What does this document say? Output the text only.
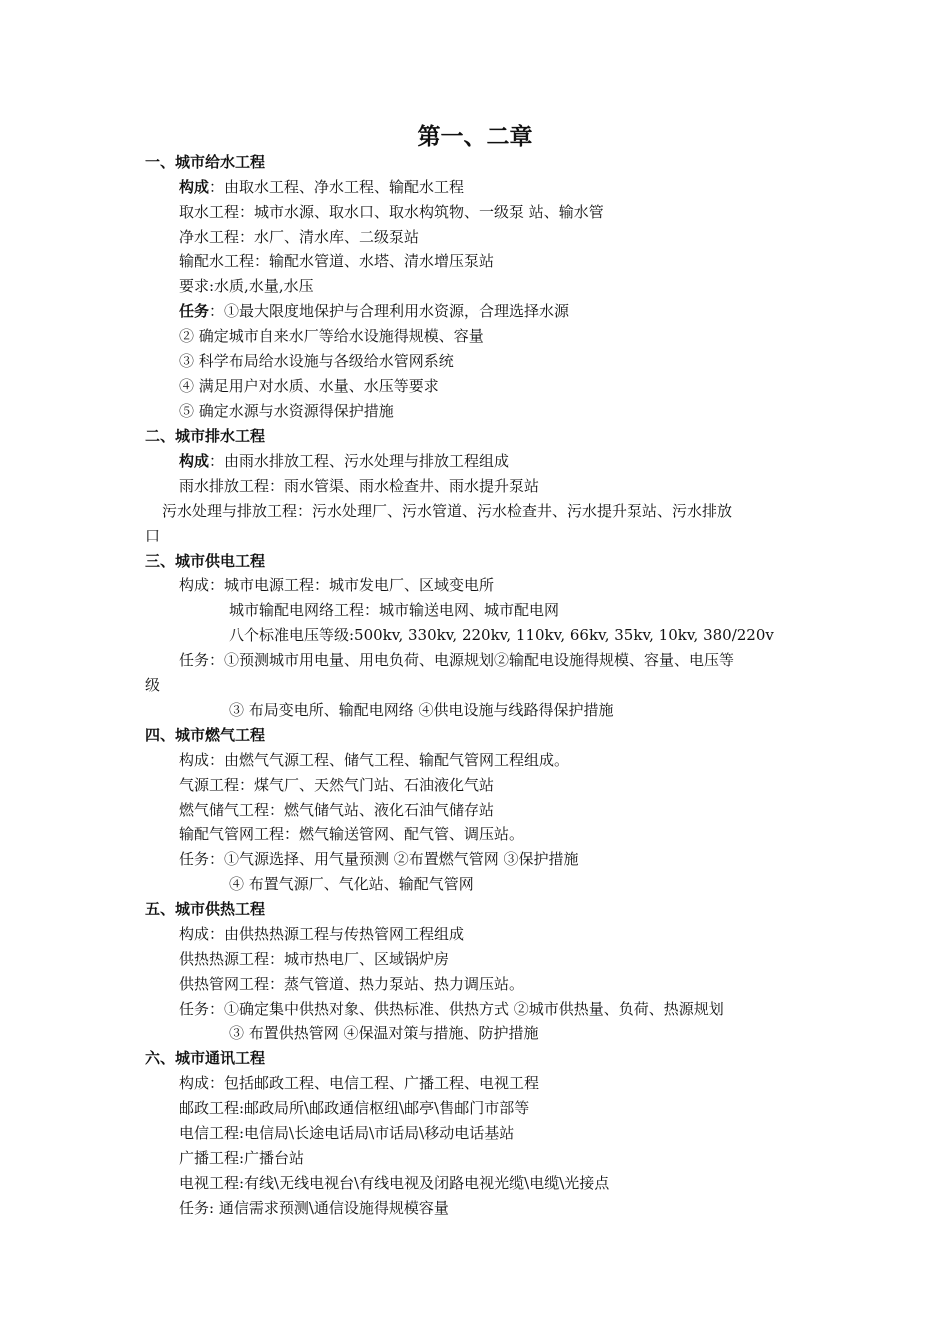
第一、二章
一、城市给水工程
构成：由取水工程、净水工程、输配水工程
取水工程：城市水源、取水口、取水构筑物、一级泵 站、输水管
净水工程：水厂、清水库、二级泵站
输配水工程：输配水管道、水塔、清水增压泵站
要求:水质,水量,水压
任务：①最大限度地保护与合理利用水资源，合理选择水源
② 确定城市自来水厂等给水设施得规模、容量
③ 科学布局给水设施与各级给水管网系统
④ 满足用户对水质、水量、水压等要求
⑤ 确定水源与水资源得保护措施
二、城市排水工程
构成：由雨水排放工程、污水处理与排放工程组成
雨水排放工程：雨水管渠、雨水检查井、雨水提升泵站
污水处理与排放工程：污水处理厂、污水管道、污水检查井、污水提升泵站、污水排放
口
三、城市供电工程
构成：城市电源工程：城市发电厂、区域变电所
城市输配电网络工程：城市输送电网、城市配电网
八个标准电压等级:500kv, 330kv, 220kv, 110kv, 66kv, 35kv, 10kv, 380/220v
任务：①预测城市用电量、用电负荷、电源规划②输配电设施得规模、容量、电压等
级
③ 布局变电所、输配电网络 ④供电设施与线路得保护措施
四、城市燃气工程
构成：由燃气气源工程、储气工程、输配气管网工程组成。
气源工程：煤气厂、天然气门站、石油液化气站
燃气储气工程：燃气储气站、液化石油气储存站
输配气管网工程：燃气输送管网、配气管、调压站。
任务：①气源选择、用气量预测 ②布置燃气管网 ③保护措施
④ 布置气源厂、气化站、输配气管网
五、城市供热工程
构成：由供热热源工程与传热管网工程组成
供热热源工程：城市热电厂、区域锅炉房
供热管网工程：蒸气管道、热力泵站、热力调压站。
任务：①确定集中供热对象、供热标准、供热方式 ②城市供热量、负荷、热源规划
③ 布置供热管网 ④保温对策与措施、防护措施
六、城市通讯工程
构成：包括邮政工程、电信工程、广播工程、电视工程
邮政工程:邮政局所\邮政通信枢纽\邮亭\售邮门市部等
电信工程:电信局\长途电话局\市话局\移动电话基站
广播工程:广播台站
电视工程:有线\无线电视台\有线电视及闭路电视光缆\电缆\光接点
任务: 通信需求预测\通信设施得规模容量
